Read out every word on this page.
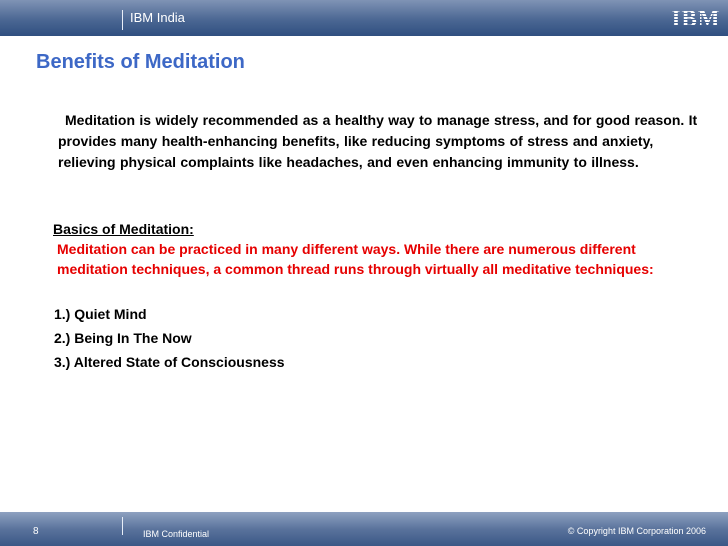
IBM India	IBM
Benefits of Meditation

Meditation is widely recommended as a healthy way to manage stress, and for good reason. It provides many health-enhancing benefits, like reducing symptoms of stress and anxiety, relieving physical complaints like headaches, and even enhancing immunity to illness.

Basics of Meditation:

Meditation can be practiced in many different ways. While there are numerous different meditation techniques, a common thread runs through virtually all meditative techniques:

1.) Quiet Mind
2.) Being In The Now
3.) Altered State of Consciousness
8	IBM Confidential	© Copyright IBM Corporation 2006
